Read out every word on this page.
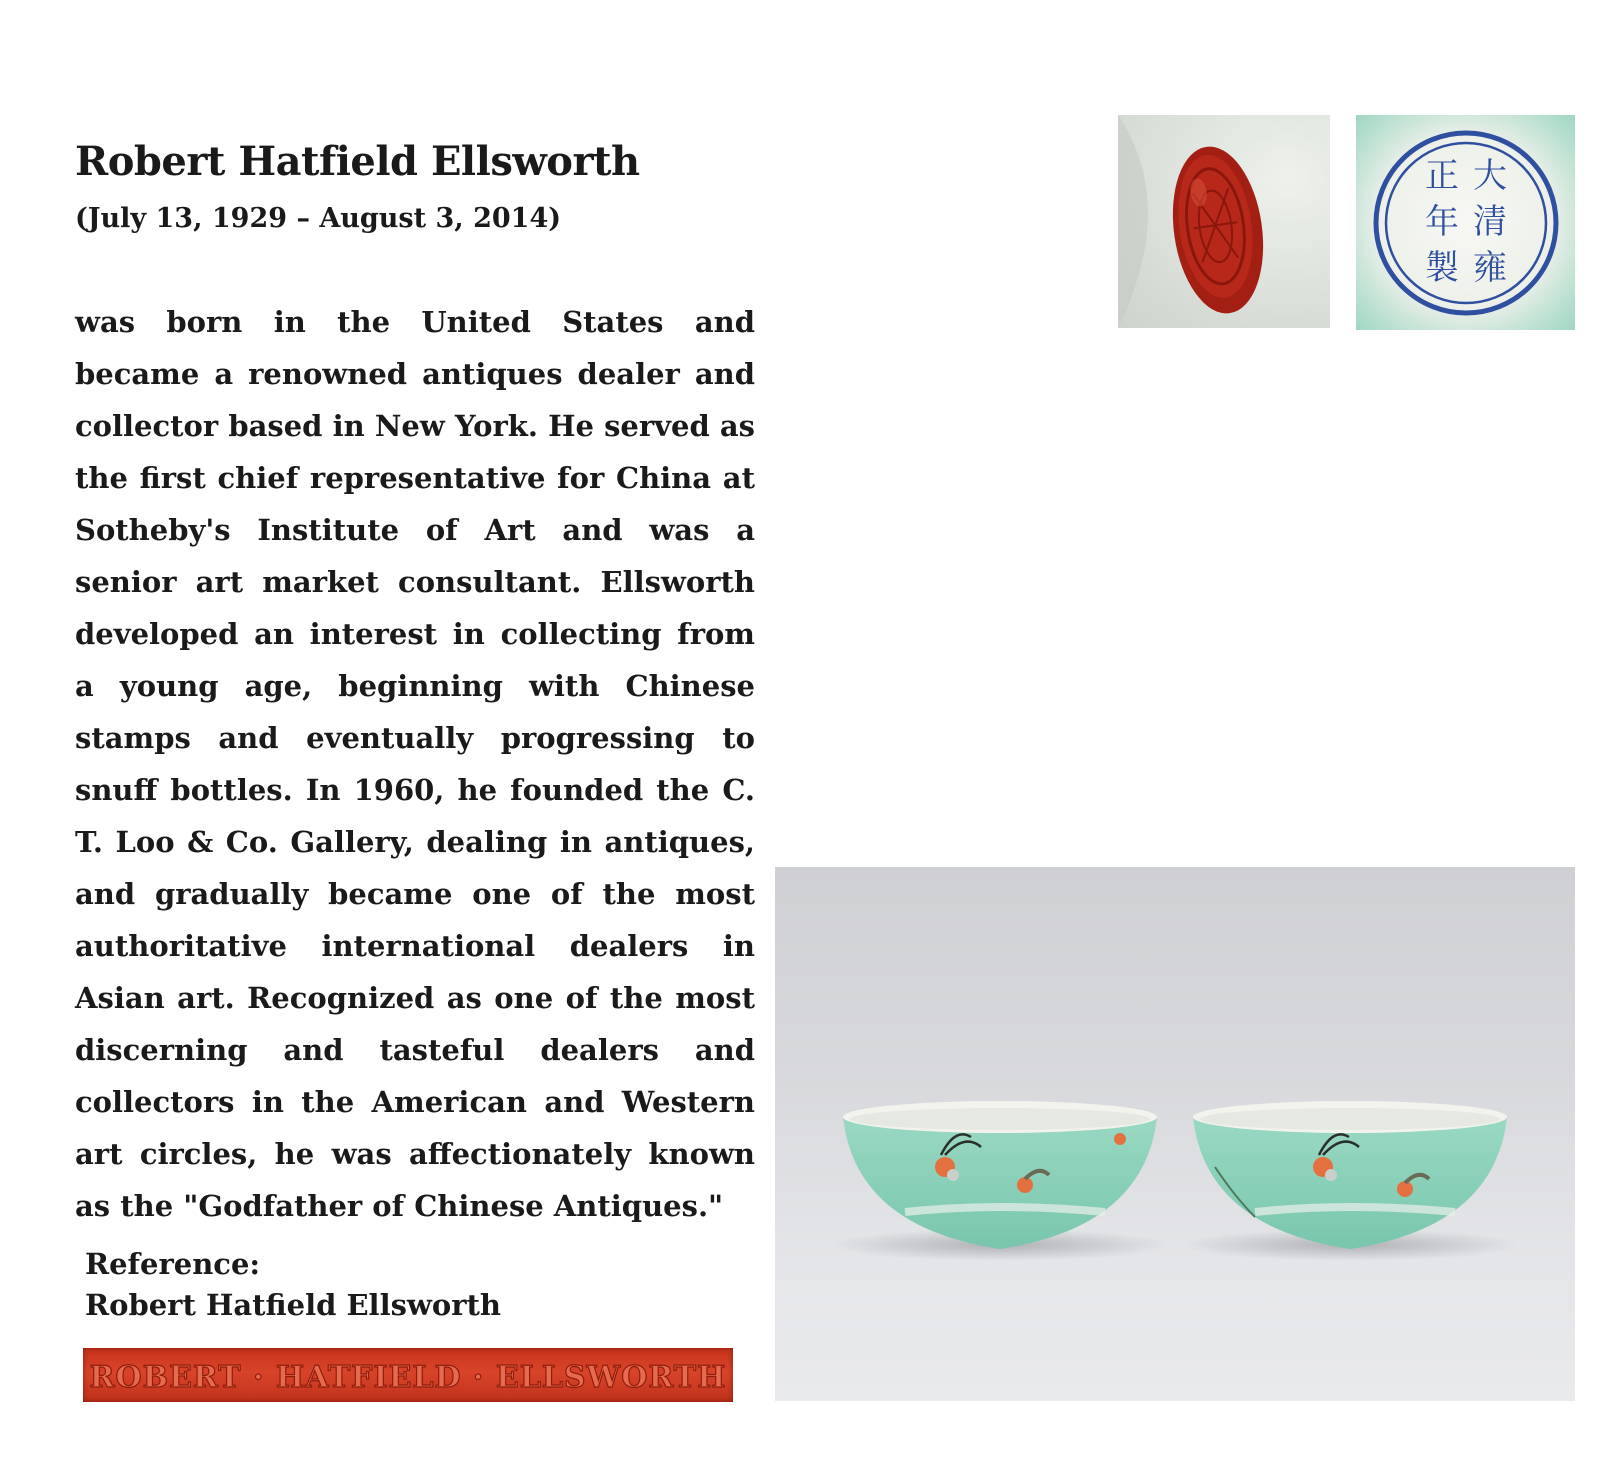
Robert Hatfield Ellsworth

(July 13, 1929 – August 3, 2014)

was born in the United States and became a renowned antiques dealer and collector based in New York. He served as the first chief representative for China at Sotheby's Institute of Art and was a senior art market consultant. Ellsworth developed an interest in collecting from a young age, beginning with Chinese stamps and eventually progressing to snuff bottles. In 1960, he founded the C. T. Loo & Co. Gallery, dealing in antiques, and gradually became one of the most authoritative international dealers in Asian art. Recognized as one of the most discerning and tasteful dealers and collectors in the American and Western art circles, he was affectionately known as the "Godfather of Chinese Antiques."

Reference:
Robert Hatfield Ellsworth
ROBERT · HATFIELD · ELLSWORTH
大
清
雍
正
年
製
